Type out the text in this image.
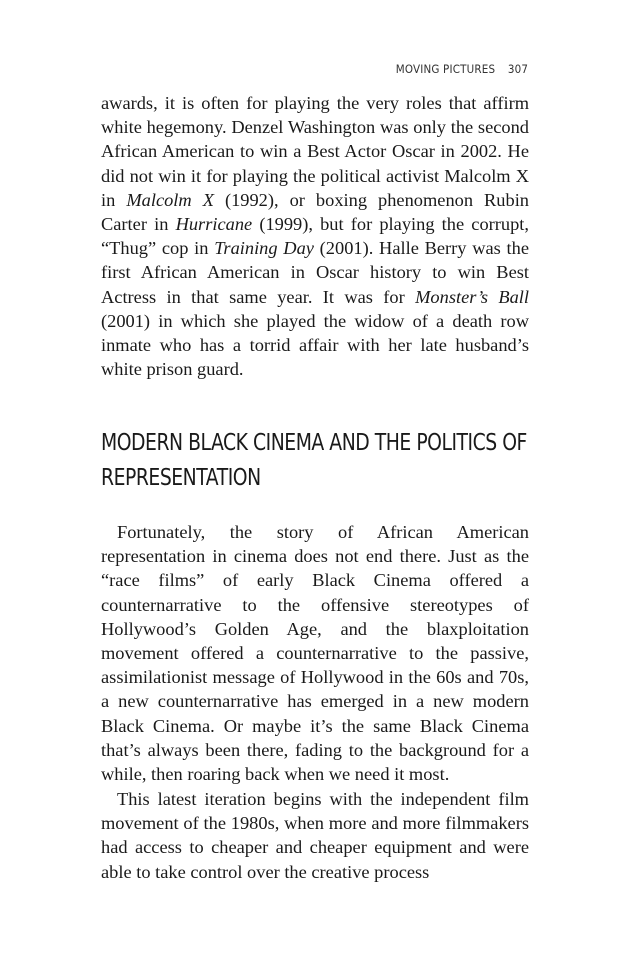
MOVING PICTURES 307

awards, it is often for playing the very roles that affirm white hegemony. Denzel Washington was only the second African American to win a Best Actor Oscar in 2002. He did not win it for playing the political activist Malcolm X in Malcolm X (1992), or boxing phenomenon Rubin Carter in Hurricane (1999), but for playing the corrupt, “Thug” cop in Training Day (2001). Halle Berry was the first African American in Oscar history to win Best Actress in that same year. It was for Monster’s Ball (2001) in which she played the widow of a death row inmate who has a torrid affair with her late husband’s white prison guard.

MODERN BLACK CINEMA AND THE POLITICS OF
REPRESENTATION

Fortunately, the story of African American representation in cinema does not end there. Just as the “race films” of early Black Cinema offered a counternarrative to the offensive stereotypes of Hollywood’s Golden Age, and the blaxploitation movement offered a counternarrative to the passive, assimilationist message of Hollywood in the 60s and 70s, a new counternarrative has emerged in a new modern Black Cinema. Or maybe it’s the same Black Cinema that’s always been there, fading to the background for a while, then roaring back when we need it most.

This latest iteration begins with the independent film movement of the 1980s, when more and more filmmakers had access to cheaper and cheaper equipment and were able to take control over the creative process
